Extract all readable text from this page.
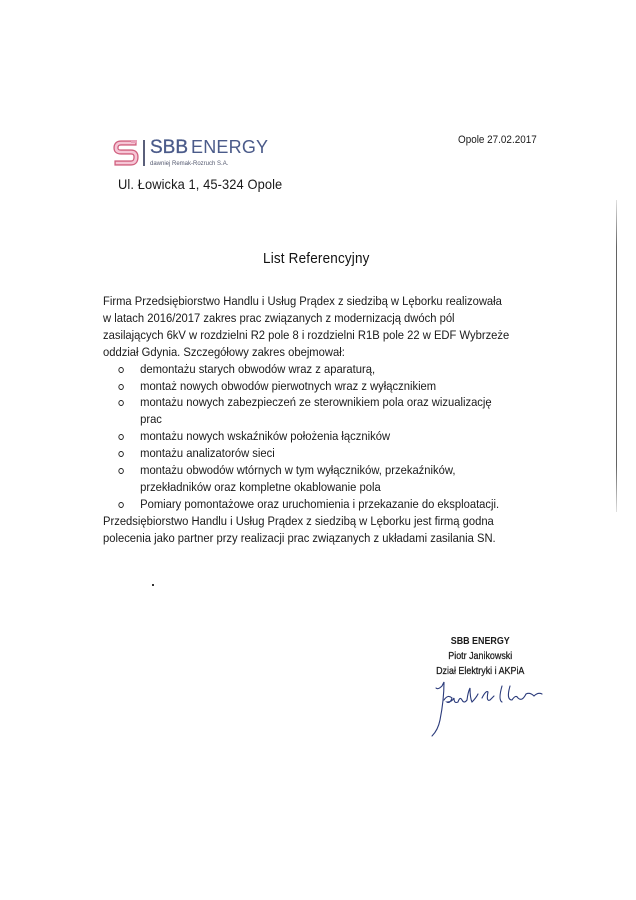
SBB ENERGY
dawniej Remak-Rozruch S.A.
Ul. Łowicka 1, 45-324 Opole
Opole 27.02.2017
List Referencyjny

Firma Przedsiębiorstwo Handlu i Usług Prądex z siedzibą w Lęborku realizowała
w latach 2016/2017 zakres prac związanych z modernizacją dwóch pól
zasilających 6kV w rozdzielni R2 pole 8 i rozdzielni R1B pole 22 w EDF Wybrzeże
oddział Gdynia. Szczegółowy zakres obejmował:

demontażu starych obwodów wraz z aparaturą,
montaż nowych obwodów pierwotnych wraz z wyłącznikiem
montażu nowych zabezpieczeń ze sterownikiem pola oraz wizualizację
prac
montażu nowych wskaźników położenia łączników
montażu analizatorów sieci
montażu obwodów wtórnych w tym wyłączników, przekaźników,
przekładników oraz kompletne okablowanie pola
Pomiary pomontażowe oraz uruchomienia i przekazanie do eksploatacji.

Przedsiębiorstwo Handlu i Usług Prądex z siedzibą w Lęborku jest firmą godna
polecenia jako partner przy realizacji prac związanych z układami zasilania SN.

SBB ENERGY
Piotr Janikowski
Dział Elektryki i AKPiA
